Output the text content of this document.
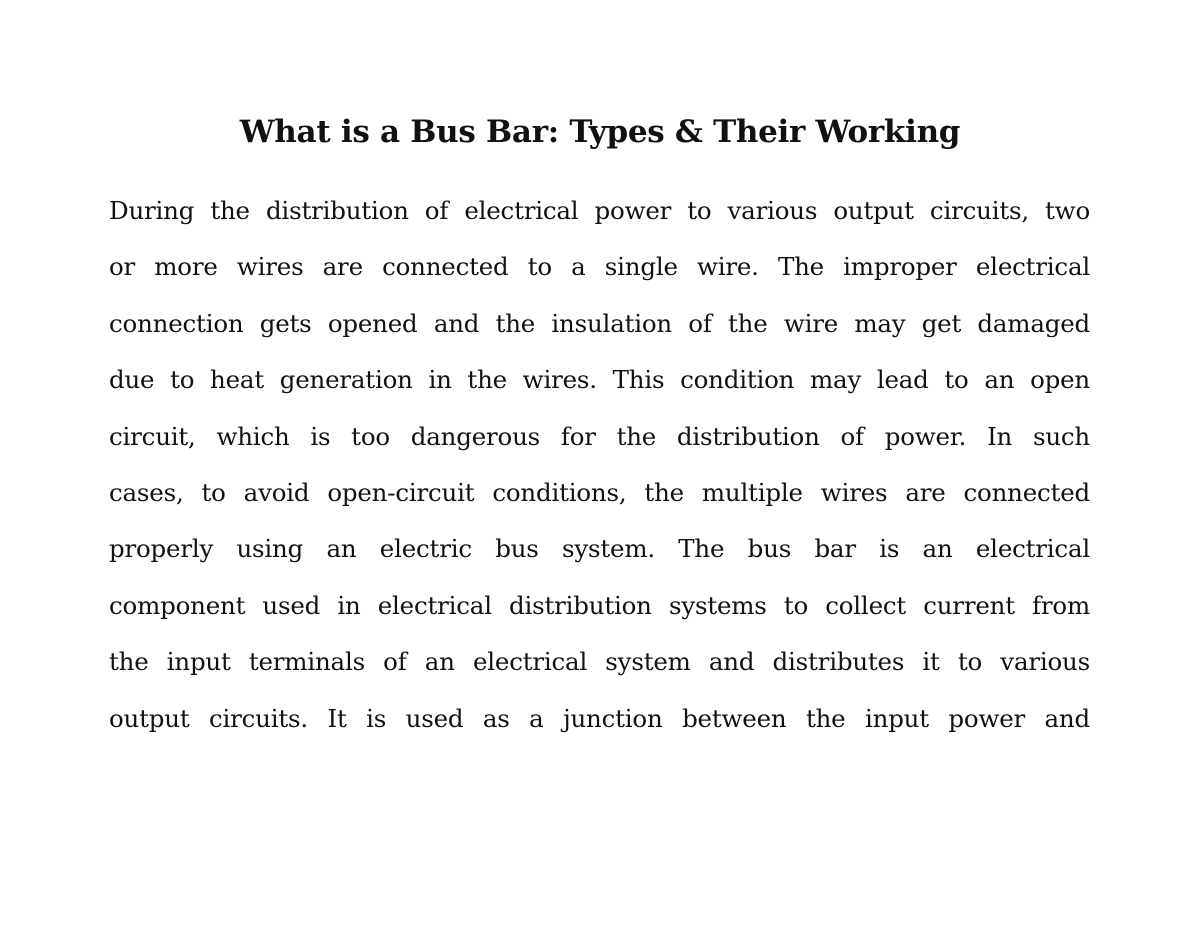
What is a Bus Bar: Types & Their Working
During the distribution of electrical power to various output circuits, two
or more wires are connected to a single wire. The improper electrical
connection gets opened and the insulation of the wire may get damaged
due to heat generation in the wires. This condition may lead to an open
circuit, which is too dangerous for the distribution of power. In such
cases, to avoid open-circuit conditions, the multiple wires are connected
properly using an electric bus system. The bus bar is an electrical
component used in electrical distribution systems to collect current from
the input terminals of an electrical system and distributes it to various
output circuits. It is used as a junction between the input power and
